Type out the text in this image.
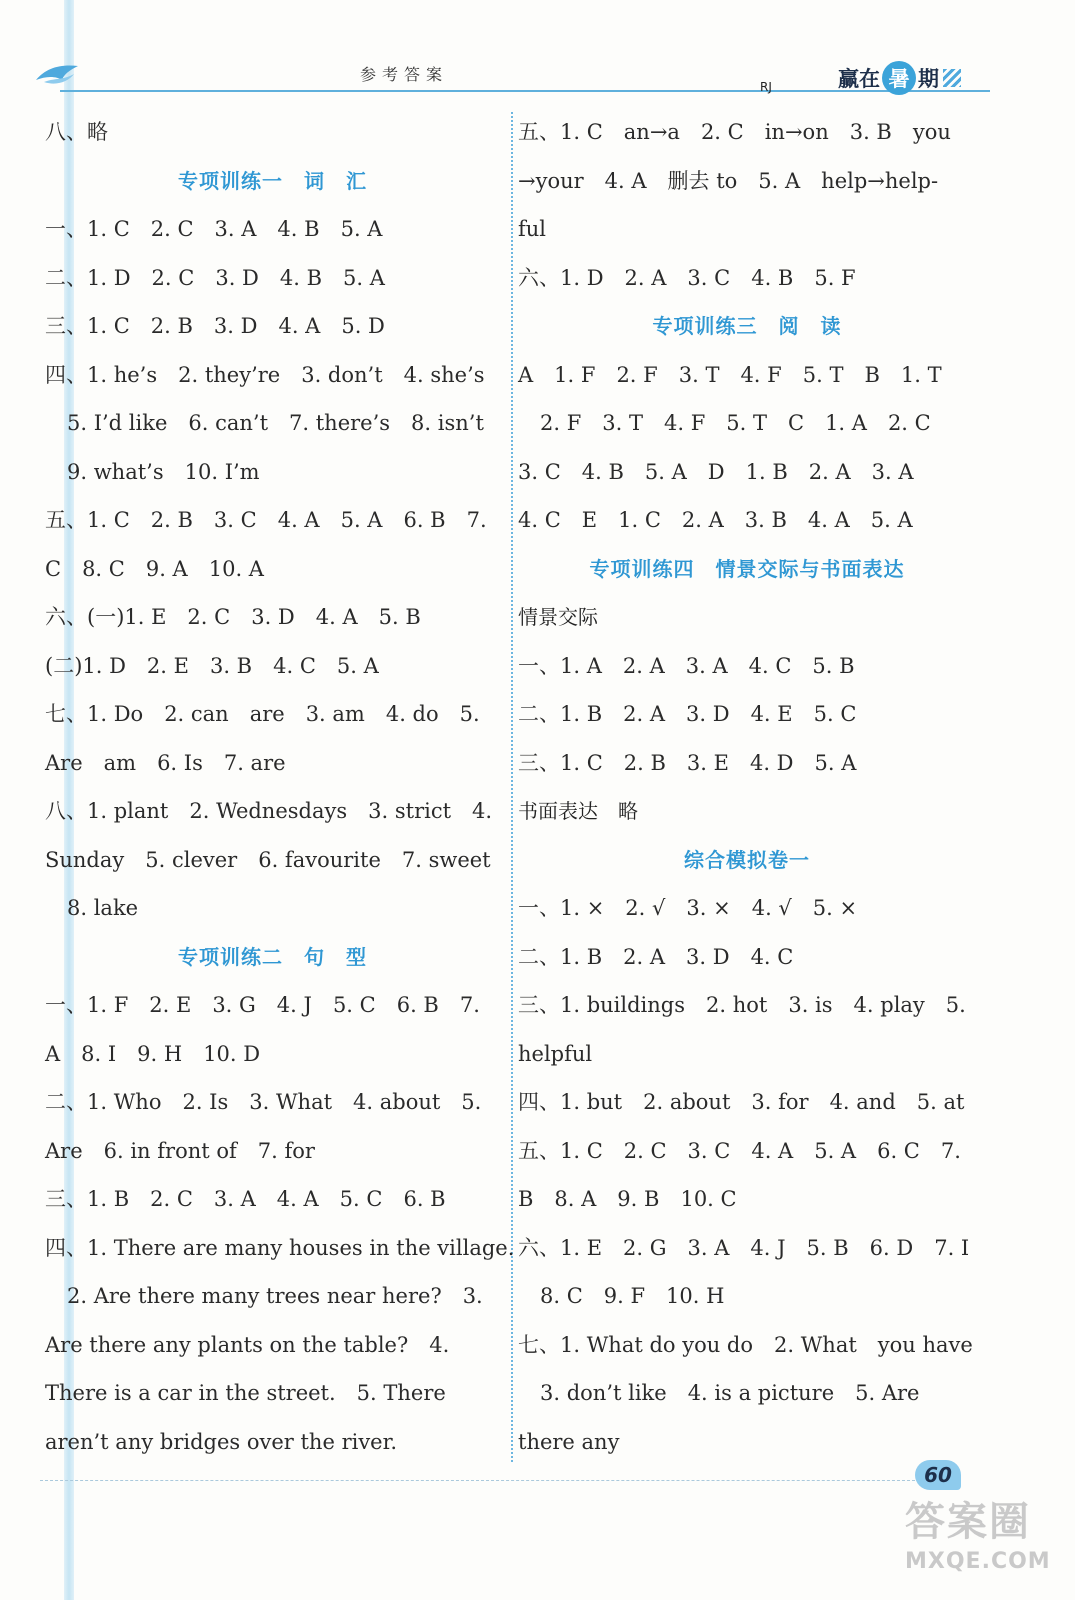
参考答案
RJ	赢在 暑 期
八、略
专项训练一　词　汇
一、1. C　2. C　3. A　4. B　5. A
二、1. D　2. C　3. D　4. B　5. A
三、1. C　2. B　3. D　4. A　5. D
四、1. he’s　2. they’re　3. don’t　4. she’s
5. I’d like　6. can’t　7. there’s　8. isn’t
9. what’s　10. I’m
五、1. C　2. B　3. C　4. A　5. A　6. B　7.
C　8. C　9. A　10. A
六、(一)1. E　2. C　3. D　4. A　5. B
(二)1. D　2. E　3. B　4. C　5. A
七、1. Do　2. can　are　3. am　4. do　5.
Are　am　6. Is　7. are
八、1. plant　2. Wednesdays　3. strict　4.
Sunday　5. clever　6. favourite　7. sweet
8. lake
专项训练二　句　型
一、1. F　2. E　3. G　4. J　5. C　6. B　7.
A　8. I　9. H　10. D
二、1. Who　2. Is　3. What　4. about　5.
Are　6. in front of　7. for
三、1. B　2. C　3. A　4. A　5. C　6. B
四、1. There are many houses in the village.
2. Are there many trees near here?　3.
Are there any plants on the table?　4.
There is a car in the street.　5. There
aren’t any bridges over the river.
五、1. C　an→a　2. C　in→on　3. B　you
→your　4. A　删去 to　5. A　help→help-
ful
六、1. D　2. A　3. C　4. B　5. F
专项训练三　阅　读
A　1. F　2. F　3. T　4. F　5. T　B　1. T
2. F　3. T　4. F　5. T　C　1. A　2. C
3. C　4. B　5. A　D　1. B　2. A　3. A
4. C　E　1. C　2. A　3. B　4. A　5. A
专项训练四　情景交际与书面表达
情景交际
一、1. A　2. A　3. A　4. C　5. B
二、1. B　2. A　3. D　4. E　5. C
三、1. C　2. B　3. E　4. D　5. A
书面表达　略
综合模拟卷一
一、1. ×　2. √　3. ×　4. √　5. ×
二、1. B　2. A　3. D　4. C
三、1. buildings　2. hot　3. is　4. play　5.
helpful
四、1. but　2. about　3. for　4. and　5. at
五、1. C　2. C　3. C　4. A　5. A　6. C　7.
B　8. A　9. B　10. C
六、1. E　2. G　3. A　4. J　5. B　6. D　7. I
8. C　9. F　10. H
七、1. What do you do　2. What　you have
3. don’t like　4. is a picture　5. Are
there any
60
答案圈
MXQE.COM
